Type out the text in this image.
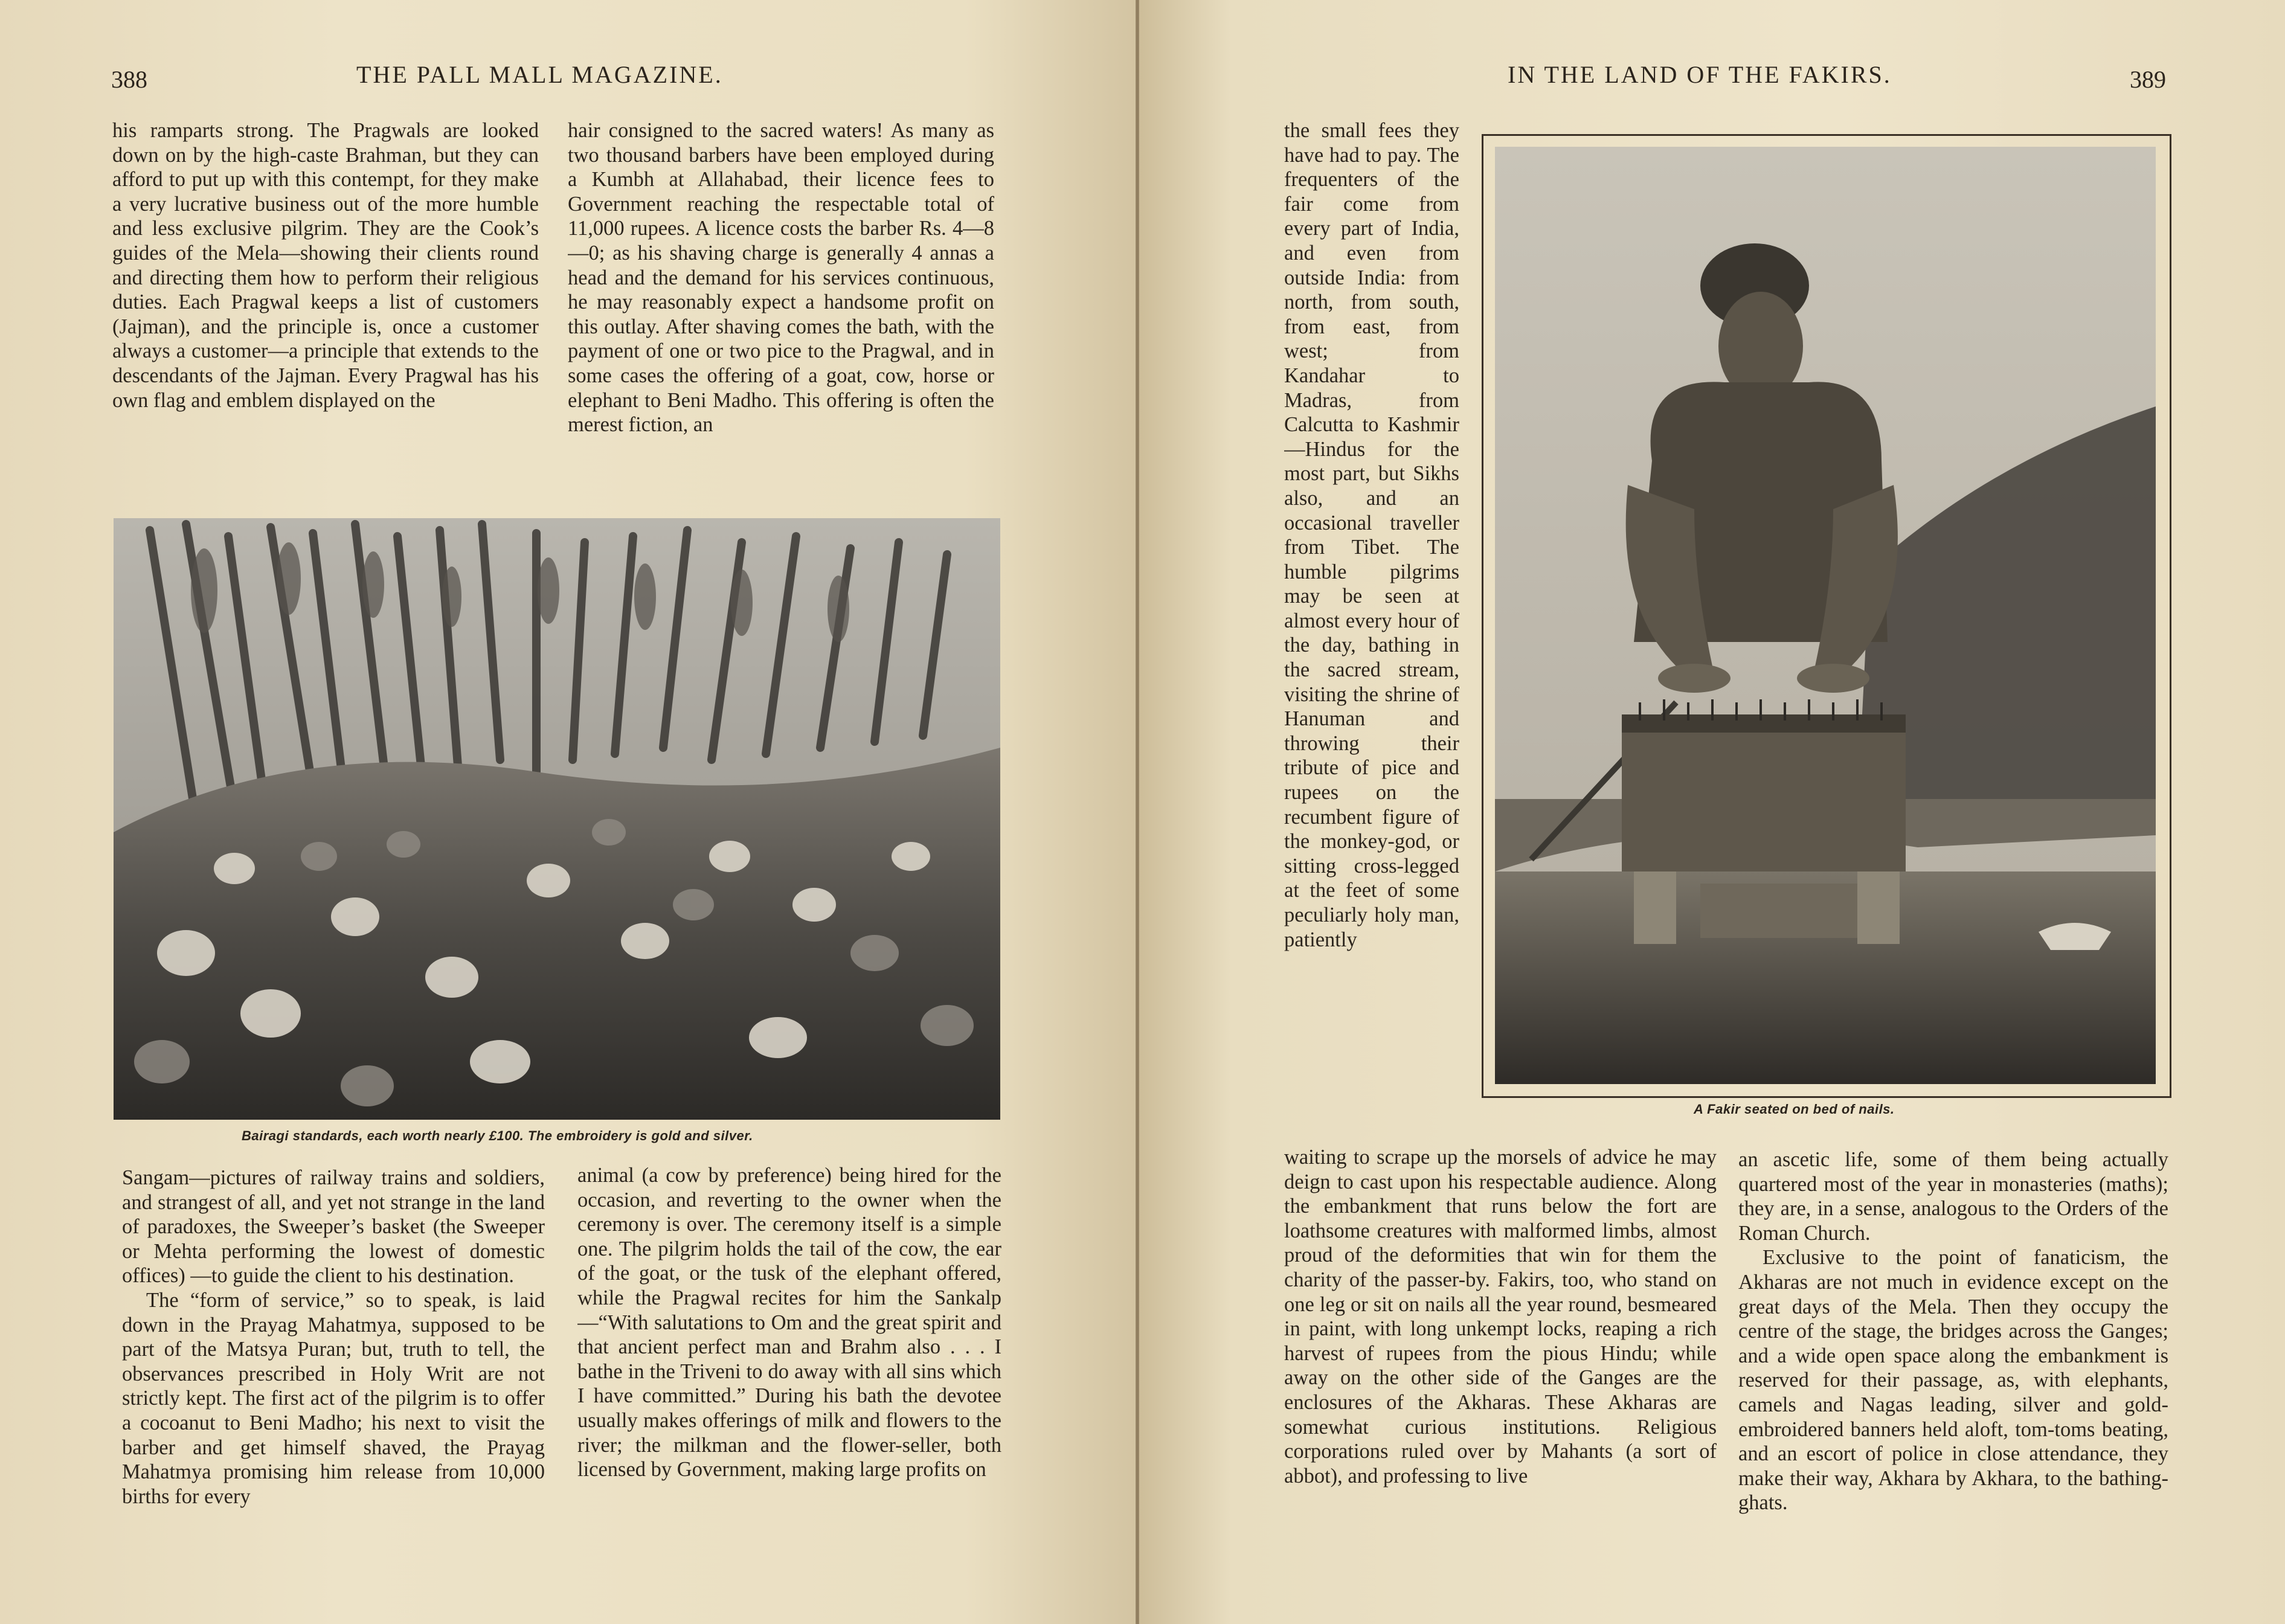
388	THE PALL MALL MAGAZINE.

his ramparts strong. The Pragwals are looked down on by the high-caste Brahman, but they can afford to put up with this contempt, for they make a very lucrative business out of the more humble and less exclusive pilgrim. They are the Cook’s guides of the Mela—showing their clients round and directing them how to perform their religious duties. Each Pragwal keeps a list of customers (Jajman), and the principle is, once a customer always a customer—a principle that extends to the descendants of the Jajman. Every Pragwal has his own flag and emblem displayed on the

hair consigned to the sacred waters! As many as two thousand barbers have been employed during a Kumbh at Allahabad, their licence fees to Government reaching the respectable total of 11,000 rupees. A licence costs the barber Rs. 4—8—0; as his shaving charge is generally 4 annas a head and the demand for his services continuous, he may reasonably expect a handsome profit on this outlay. After shaving comes the bath, with the payment of one or two pice to the Pragwal, and in some cases the offering of a goat, cow, horse or elephant to Beni Madho. This offering is often the merest fiction, an

Bairagi standards, each worth nearly £100. The embroidery is gold and silver.

Sangam—pictures of railway trains and soldiers, and strangest of all, and yet not strange in the land of paradoxes, the Sweeper’s basket (the Sweeper or Mehta performing the lowest of domestic offices) —to guide the client to his destination.

The “form of service,” so to speak, is laid down in the Prayag Mahatmya, supposed to be part of the Matsya Puran; but, truth to tell, the observances prescribed in Holy Writ are not strictly kept. The first act of the pilgrim is to offer a cocoanut to Beni Madho; his next to visit the barber and get himself shaved, the Prayag Mahatmya promising him release from 10,000 births for every

animal (a cow by preference) being hired for the occasion, and reverting to the owner when the ceremony is over. The ceremony itself is a simple one. The pilgrim holds the tail of the cow, the ear of the goat, or the tusk of the elephant offered, while the Pragwal recites for him the Sankalp—“With salutations to Om and the great spirit and that ancient perfect man and Brahm also . . . I bathe in the Triveni to do away with all sins which I have committed.” During his bath the devotee usually makes offerings of milk and flowers to the river; the milkman and the flower-seller, both licensed by Government, making large profits on

IN THE LAND OF THE FAKIRS.	389

the small fees they have had to pay. The frequenters of the fair come from every part of India, and even from outside India: from north, from south, from east, from west; from Kandahar to Madras, from Calcutta to Kashmir—Hindus for the most part, but Sikhs also, and an occasional traveller from Tibet. The humble pilgrims may be seen at almost every hour of the day, bathing in the sacred stream, visiting the shrine of Hanuman and throwing their tribute of pice and rupees on the recumbent figure of the monkey-god, or sitting cross-legged at the feet of some peculiarly holy man, patiently

A Fakir seated on bed of nails.

waiting to scrape up the morsels of advice he may deign to cast upon his respectable audience. Along the embankment that runs below the fort are loathsome creatures with malformed limbs, almost proud of the deformities that win for them the charity of the passer-by. Fakirs, too, who stand on one leg or sit on nails all the year round, besmeared in paint, with long unkempt locks, reaping a rich harvest of rupees from the pious Hindu; while away on the other side of the Ganges are the enclosures of the Akharas. These Akharas are somewhat curious institutions. Religious corporations ruled over by Mahants (a sort of abbot), and professing to live

an ascetic life, some of them being actually quartered most of the year in monasteries (maths); they are, in a sense, analogous to the Orders of the Roman Church.

Exclusive to the point of fanaticism, the Akharas are not much in evidence except on the great days of the Mela. Then they occupy the centre of the stage, the bridges across the Ganges; and a wide open space along the embankment is reserved for their passage, as, with elephants, camels and Nagas leading, silver and gold-embroidered banners held aloft, tom-toms beating, and an escort of police in close attendance, they make their way, Akhara by Akhara, to the bathing-ghats.
